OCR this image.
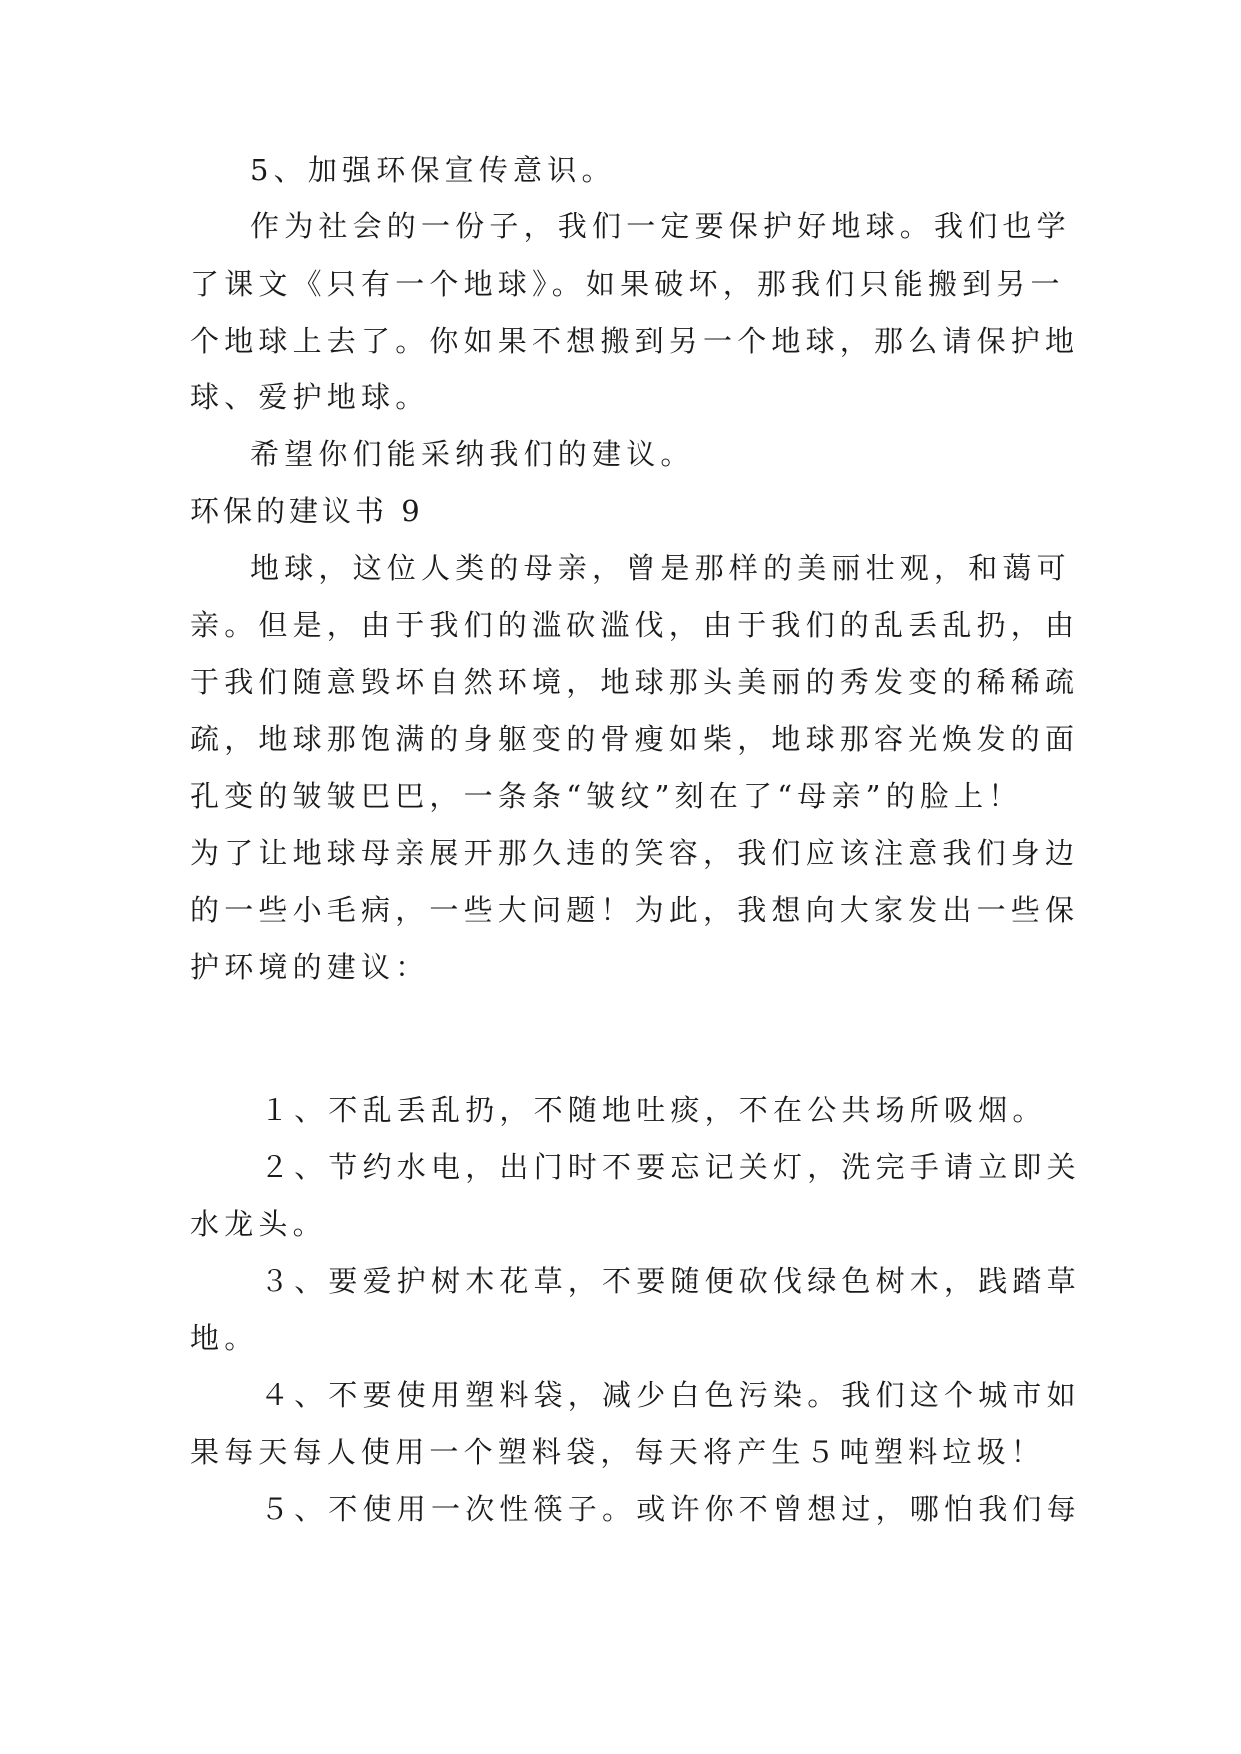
5、加强环保宣传意识。
作为社会的一份子，我们一定要保护好地球。我们也学
了课文《只有一个地球》。如果破坏，那我们只能搬到另一
个地球上去了。你如果不想搬到另一个地球，那么请保护地
球、爱护地球。
希望你们能采纳我们的建议。
环保的建议书 9
地球，这位人类的母亲，曾是那样的美丽壮观，和蔼可
亲。但是，由于我们的滥砍滥伐，由于我们的乱丢乱扔，由
于我们随意毁坏自然环境，地球那头美丽的秀发变的稀稀疏
疏，地球那饱满的身躯变的骨瘦如柴，地球那容光焕发的面
孔变的皱皱巴巴，一条条“皱纹”刻在了“母亲”的脸上！
为了让地球母亲展开那久违的笑容，我们应该注意我们身边
的一些小毛病，一些大问题！为此，我想向大家发出一些保
护环境的建议：
１、不乱丢乱扔，不随地吐痰，不在公共场所吸烟。
２、节约水电，出门时不要忘记关灯，洗完手请立即关
水龙头。
３、要爱护树木花草，不要随便砍伐绿色树木，践踏草
地。
４、不要使用塑料袋，减少白色污染。我们这个城市如
果每天每人使用一个塑料袋，每天将产生５吨塑料垃圾！
５、不使用一次性筷子。或许你不曾想过，哪怕我们每
